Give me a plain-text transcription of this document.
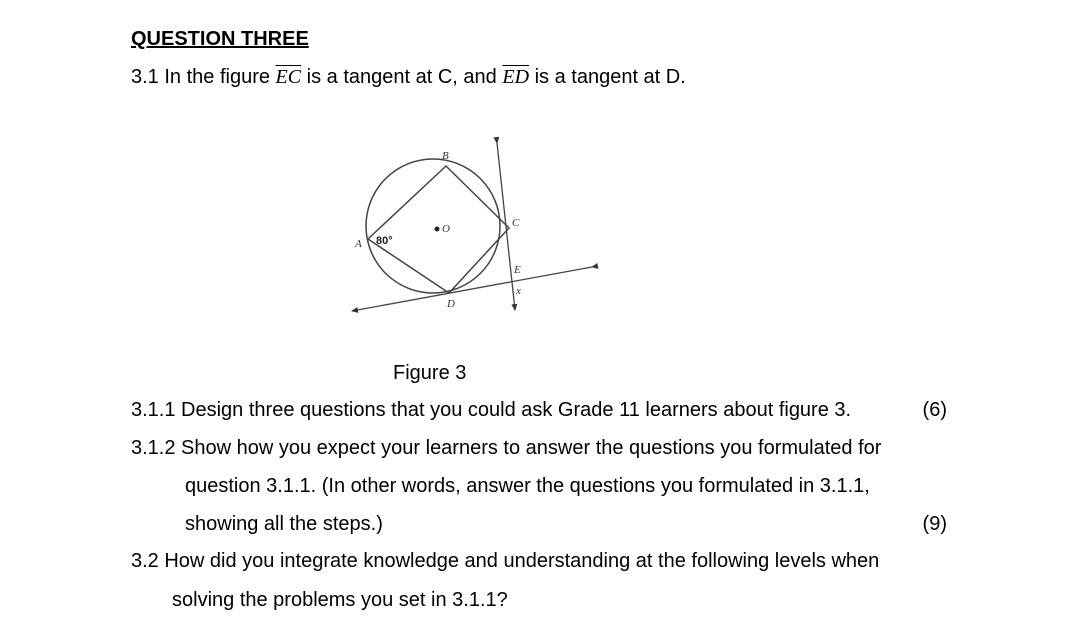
QUESTION THREE
3.1 In the figure $\overline{EC}$ is a tangent at C, and $\overline{ED}$ is a tangent at D.
A
B
C
D
E
O
x
80°
Figure 3
3.1.1 Design three questions that you could ask Grade 11 learners about figure 3.	(6)
3.1.2 Show how you expect your learners to answer the questions you formulated for
question 3.1.1. (In other words, answer the questions you formulated in 3.1.1,
showing all the steps.)	(9)
3.2 How did you integrate knowledge and understanding at the following levels when
solving the problems you set in 3.1.1?
